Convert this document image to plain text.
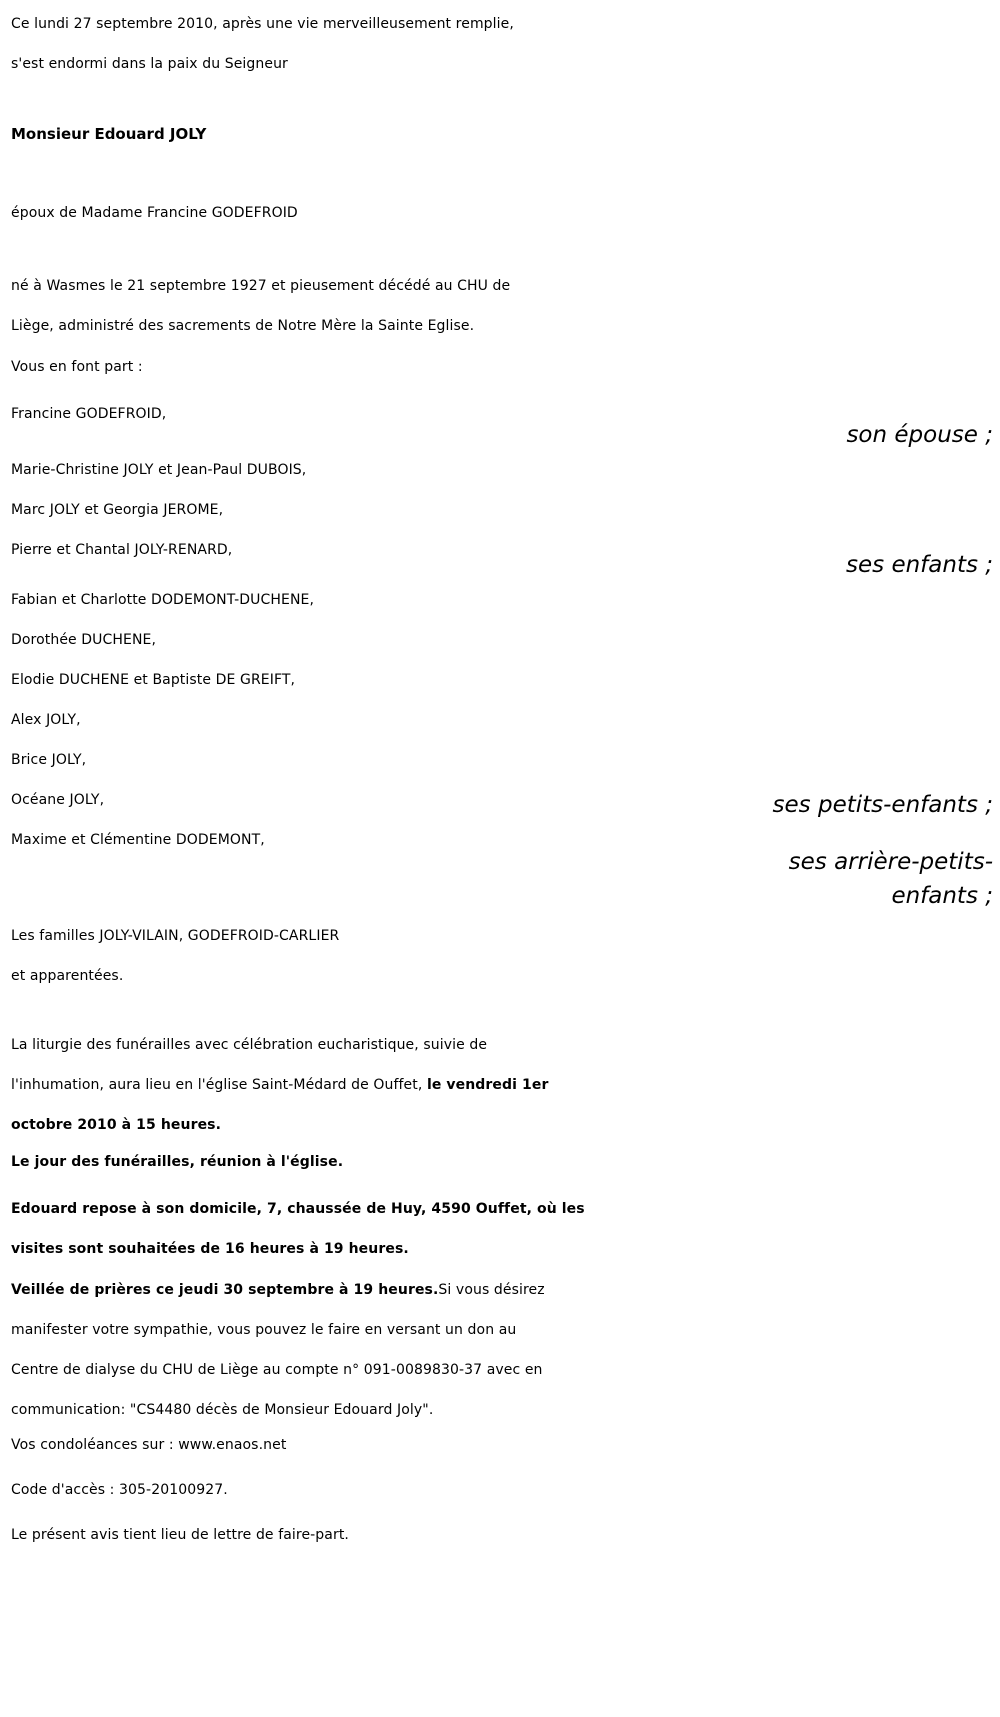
Ce lundi 27 septembre 2010, après une vie merveilleusement remplie,
s'est endormi dans la paix du Seigneur
Monsieur Edouard JOLY
époux de Madame Francine GODEFROID
né à Wasmes le 21 septembre 1927 et pieusement décédé au CHU de
Liège, administré des sacrements de Notre Mère la Sainte Eglise.
Vous en font part :
Francine GODEFROID,
son épouse ;
Marie-Christine JOLY et Jean-Paul DUBOIS,
Marc JOLY et Georgia JEROME,
Pierre et Chantal JOLY-RENARD,
ses enfants ;
Fabian et Charlotte DODEMONT-DUCHENE,
Dorothée DUCHENE,
Elodie DUCHENE et Baptiste DE GREIFT,
Alex JOLY,
Brice JOLY,
Océane JOLY,	ses petits-enfants ;
Maxime et Clémentine DODEMONT,
ses arrière-petits-
enfants ;
Les familles JOLY-VILAIN, GODEFROID-CARLIER
et apparentées.
La liturgie des funérailles avec célébration eucharistique, suivie de
l'inhumation, aura lieu en l'église Saint-Médard de Ouffet, le vendredi 1er
octobre 2010 à 15 heures.
Le jour des funérailles, réunion à l'église.
Edouard repose à son domicile, 7, chaussée de Huy, 4590 Ouffet, où les
visites sont souhaitées de 16 heures à 19 heures.
Veillée de prières ce jeudi 30 septembre à 19 heures.Si vous désirez
manifester votre sympathie, vous pouvez le faire en versant un don au
Centre de dialyse du CHU de Liège au compte n° 091-0089830-37 avec en
communication: "CS4480 décès de Monsieur Edouard Joly".
Vos condoléances sur : www.enaos.net
Code d'accès : 305-20100927.
Le présent avis tient lieu de lettre de faire-part.
